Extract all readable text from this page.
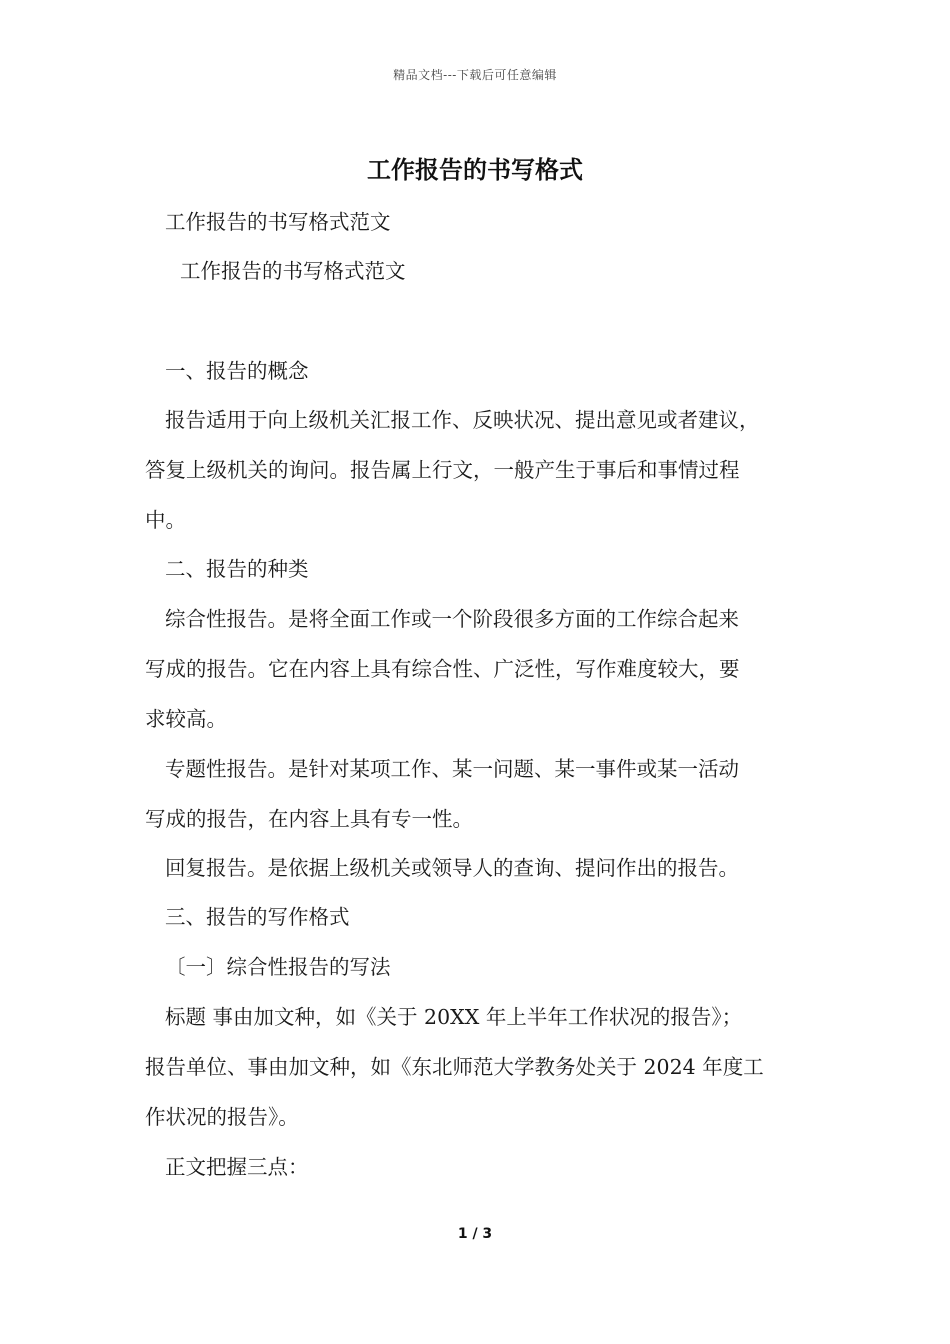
精品文档---下载后可任意编辑
工作报告的书写格式
工作报告的书写格式范文
工作报告的书写格式范文
一、报告的概念
报告适用于向上级机关汇报工作、反映状况、提出意见或者建议，
答复上级机关的询问。报告属上行文，一般产生于事后和事情过程
中。
二、报告的种类
综合性报告。是将全面工作或一个阶段很多方面的工作综合起来
写成的报告。它在内容上具有综合性、广泛性，写作难度较大，要
求较高。
专题性报告。是针对某项工作、某一问题、某一事件或某一活动
写成的报告，在内容上具有专一性。
回复报告。是依据上级机关或领导人的查询、提问作出的报告。
三、报告的写作格式
〔一〕综合性报告的写法
标题 事由加文种，如《关于 20XX 年上半年工作状况的报告》；
报告单位、事由加文种，如《东北师范大学教务处关于 2024 年度工
作状况的报告》。
正文把握三点：
1 / 3
